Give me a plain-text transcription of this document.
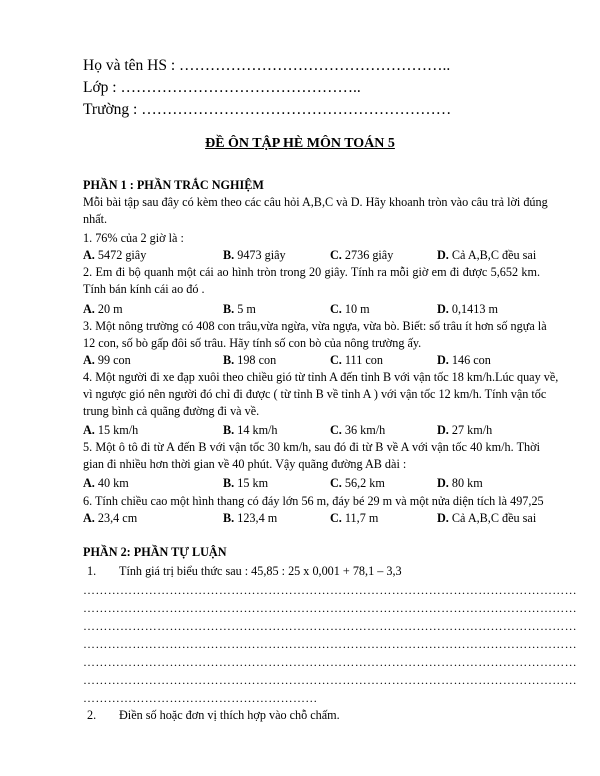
Họ và tên HS : ……………………………………………..
Lớp : ………………………………………..
Trường : ……………………………………………………
ĐỀ ÔN TẬP HÈ MÔN TOÁN 5
PHẦN 1 : PHẦN TRẮC NGHIỆM
Mỗi bài tập sau đây có kèm theo các câu hỏi A,B,C và D. Hãy khoanh tròn vào câu trả lời đúng
nhất.
1. 76% của 2 giờ là :
A. 5472 giây	B. 9473 giây	C. 2736 giây	D. Cả A,B,C đều sai
2. Em đi bộ quanh một cái ao hình tròn trong 20 giây. Tính ra mỗi giờ em đi được 5,652 km.
Tính bán kính cái ao đó .
A. 20 m	B. 5 m	C. 10 m	D. 0,1413 m
3. Một nông trường có 408 con trâu,vừa ngừa, vừa ngựa, vừa bò. Biết: số trâu ít hơn số ngựa là
12 con, số bò gấp đôi số trâu. Hãy tính số con bò của nông trường ấy.
A. 99 con	B. 198 con	C. 111 con	D. 146 con
4. Một người đi xe đạp xuôi theo chiều gió từ tỉnh A đến tỉnh B với vận tốc 18 km/h.Lúc quay về,
vì ngược gió nên người đó chỉ đi được ( từ tỉnh B về tỉnh A ) với vận tốc 12 km/h. Tính vận tốc
trung bình cả quãng đường đi và về.
A. 15 km/h	B. 14 km/h	C. 36 km/h	D. 27 km/h
5. Một ô tô đi từ A đến B với vận tốc 30 km/h, sau đó đi từ B về A với vận tốc 40 km/h. Thời
gian đi nhiều hơn thời gian về 40 phút. Vậy quãng đường AB dài :
A. 40 km	B. 15 km	C. 56,2 km	D. 80 km
6. Tính chiều cao một hình thang có đáy lớn 56 m, đáy bé 29 m và một nửa diện tích là 497,25
A. 23,4 cm	B. 123,4 m	C. 11,7 m	D. Cả A,B,C đều sai
PHẦN 2: PHẦN TỰ LUẬN
1. Tính giá trị biểu thức sau : 45,85 : 25 x 0,001 + 78,1 – 3,3
…………………………………………………………………………………………………………
…………………………………………………………………………………………………………
…………………………………………………………………………………………………………
…………………………………………………………………………………………………………
…………………………………………………………………………………………………………
…………………………………………………………………………………………………………
…………………………………………………
2. Điền số hoặc đơn vị thích hợp vào chỗ chấm.
